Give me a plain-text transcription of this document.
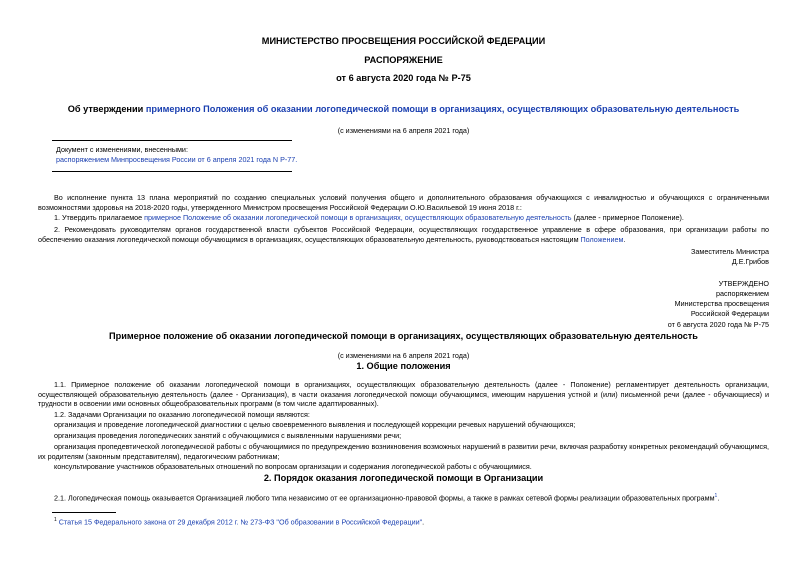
МИНИСТЕРСТВО ПРОСВЕЩЕНИЯ РОССИЙСКОЙ ФЕДЕРАЦИИ
РАСПОРЯЖЕНИЕ
от 6 августа 2020 года № Р-75
Об утверждении примерного Положения об оказании логопедической помощи в организациях, осуществляющих образовательную деятельность
(с изменениями на 6 апреля 2021 года)
Документ с изменениями, внесенными:
распоряжением Минпросвещения России от 6 апреля 2021 года N Р-77.
Во исполнение пункта 13 плана мероприятий по созданию специальных условий получения общего и дополнительного образования обучающихся с инвалидностью и обучающихся с ограниченными возможностями здоровья на 2018-2020 годы, утвержденного Министром просвещения Российской Федерации О.Ю.Васильевой 19 июня 2018 г.:
1. Утвердить прилагаемое примерное Положение об оказании логопедической помощи в организациях, осуществляющих образовательную деятельность (далее - примерное Положение).
2. Рекомендовать руководителям органов государственной власти субъектов Российской Федерации, осуществляющих государственное управление в сфере образования, при организации работы по обеспечению оказания логопедической помощи обучающимся в организациях, осуществляющих образовательную деятельность, руководствоваться настоящим Положением.
Заместитель Министра
Д.Е.Грибов
УТВЕРЖДЕНО
распоряжением
Министерства просвещения
Российской Федерации
от 6 августа 2020 года № Р-75
Примерное положение об оказании логопедической помощи в организациях, осуществляющих образовательную деятельность
(с изменениями на 6 апреля 2021 года)
1. Общие положения
1.1. Примерное положение об оказании логопедической помощи в организациях, осуществляющих образовательную деятельность (далее - Положение) регламентирует деятельность организации, осуществляющей образовательную деятельность (далее - Организация), в части оказания логопедической помощи обучающимся, имеющим нарушения устной и (или) письменной речи (далее - обучающиеся) и трудности в освоении ими основных общеобразовательных программ (в том числе адаптированных).
1.2. Задачами Организации по оказанию логопедической помощи являются:
организация и проведение логопедической диагностики с целью своевременного выявления и последующей коррекции речевых нарушений обучающихся;
организация проведения логопедических занятий с обучающимися с выявленными нарушениями речи;
организация пропедевтической логопедической работы с обучающимися по предупреждению возникновения возможных нарушений в развитии речи, включая разработку конкретных рекомендаций обучающимся, их родителям (законным представителям), педагогическим работникам;
консультирование участников образовательных отношений по вопросам организации и содержания логопедической работы с обучающимися.
2. Порядок оказания логопедической помощи в Организации
2.1. Логопедическая помощь оказывается Организацией любого типа независимо от ее организационно-правовой формы, а также в рамках сетевой формы реализации образовательных программ$^1$.
$^1$ Статья 15 Федерального закона от 29 декабря 2012 г. № 273-ФЗ "Об образовании в Российской Федерации".
